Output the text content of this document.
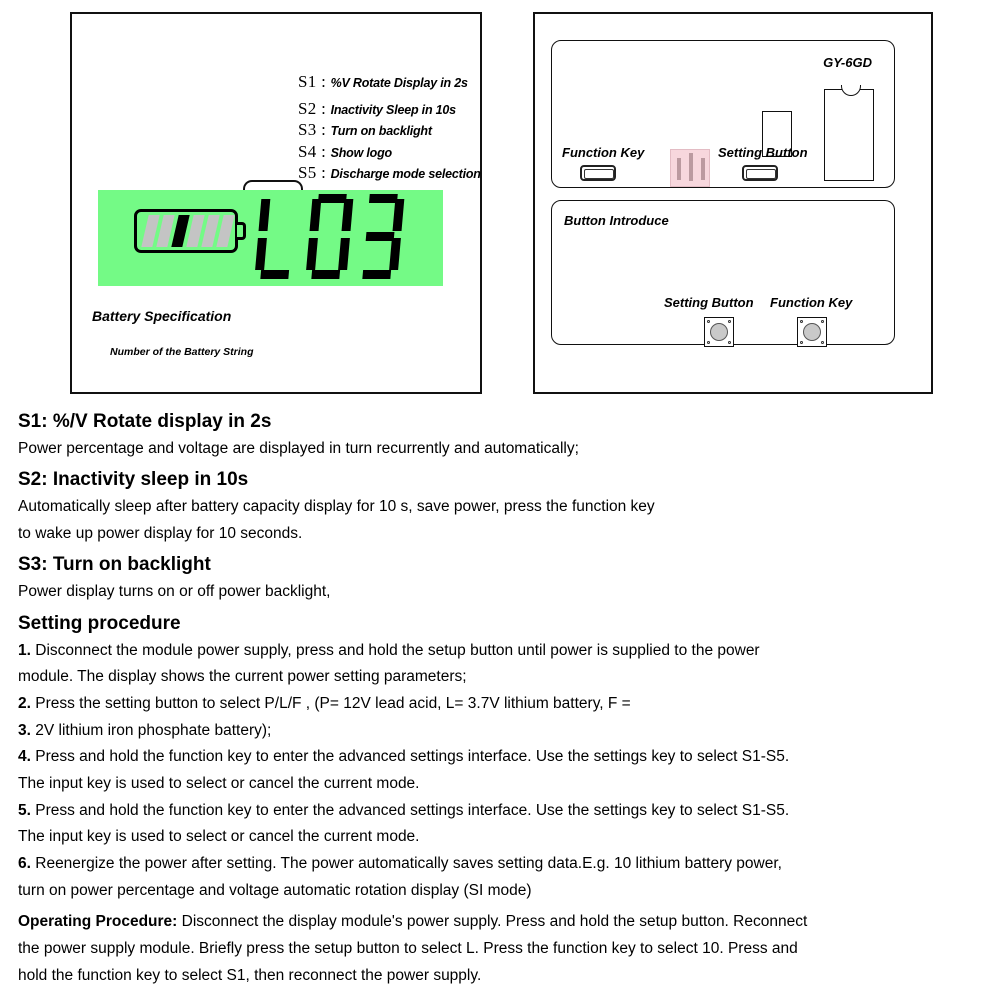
S1 : %V Rotate Display in 2s
S2 : Inactivity Sleep in 10s
S3 : Turn on backlight
S4 : Show logo
S5 : Discharge mode selection
Battery Specification
Number of the Battery String
GY-6GD
Function Key	Setting Button
Button Introduce
Setting Button Function Key
S1: %/V Rotate display in 2s

Power percentage and voltage are displayed in turn recurrently and automatically;

S2: Inactivity sleep in 10s

Automatically sleep after battery capacity display for 10 s, save power, press the function key

to wake up power display for 10 seconds.

S3: Turn on backlight

Power display turns on or off power backlight,

Setting procedure

1. Disconnect the module power supply, press and hold the setup button until power is supplied to the power

module. The display shows the current power setting parameters;

2. Press the setting button to select P/L/F , (P= 12V lead acid, L= 3.7V lithium battery, F =

3. 2V lithium iron phosphate battery);

4. Press and hold the function key to enter the advanced settings interface. Use the settings key to select S1-S5.

The input key is used to select or cancel the current mode.

5. Press and hold the function key to enter the advanced settings interface. Use the settings key to select S1-S5.

The input key is used to select or cancel the current mode.

6. Reenergize the power after setting. The power automatically saves setting data.E.g. 10 lithium battery power,

turn on power percentage and voltage automatic rotation display (SI mode)

Operating Procedure: Disconnect the display module's power supply. Press and hold the setup button. Reconnect

the power supply module. Briefly press the setup button to select L. Press the function key to select 10. Press and

hold the function key to select S1, then reconnect the power supply.
